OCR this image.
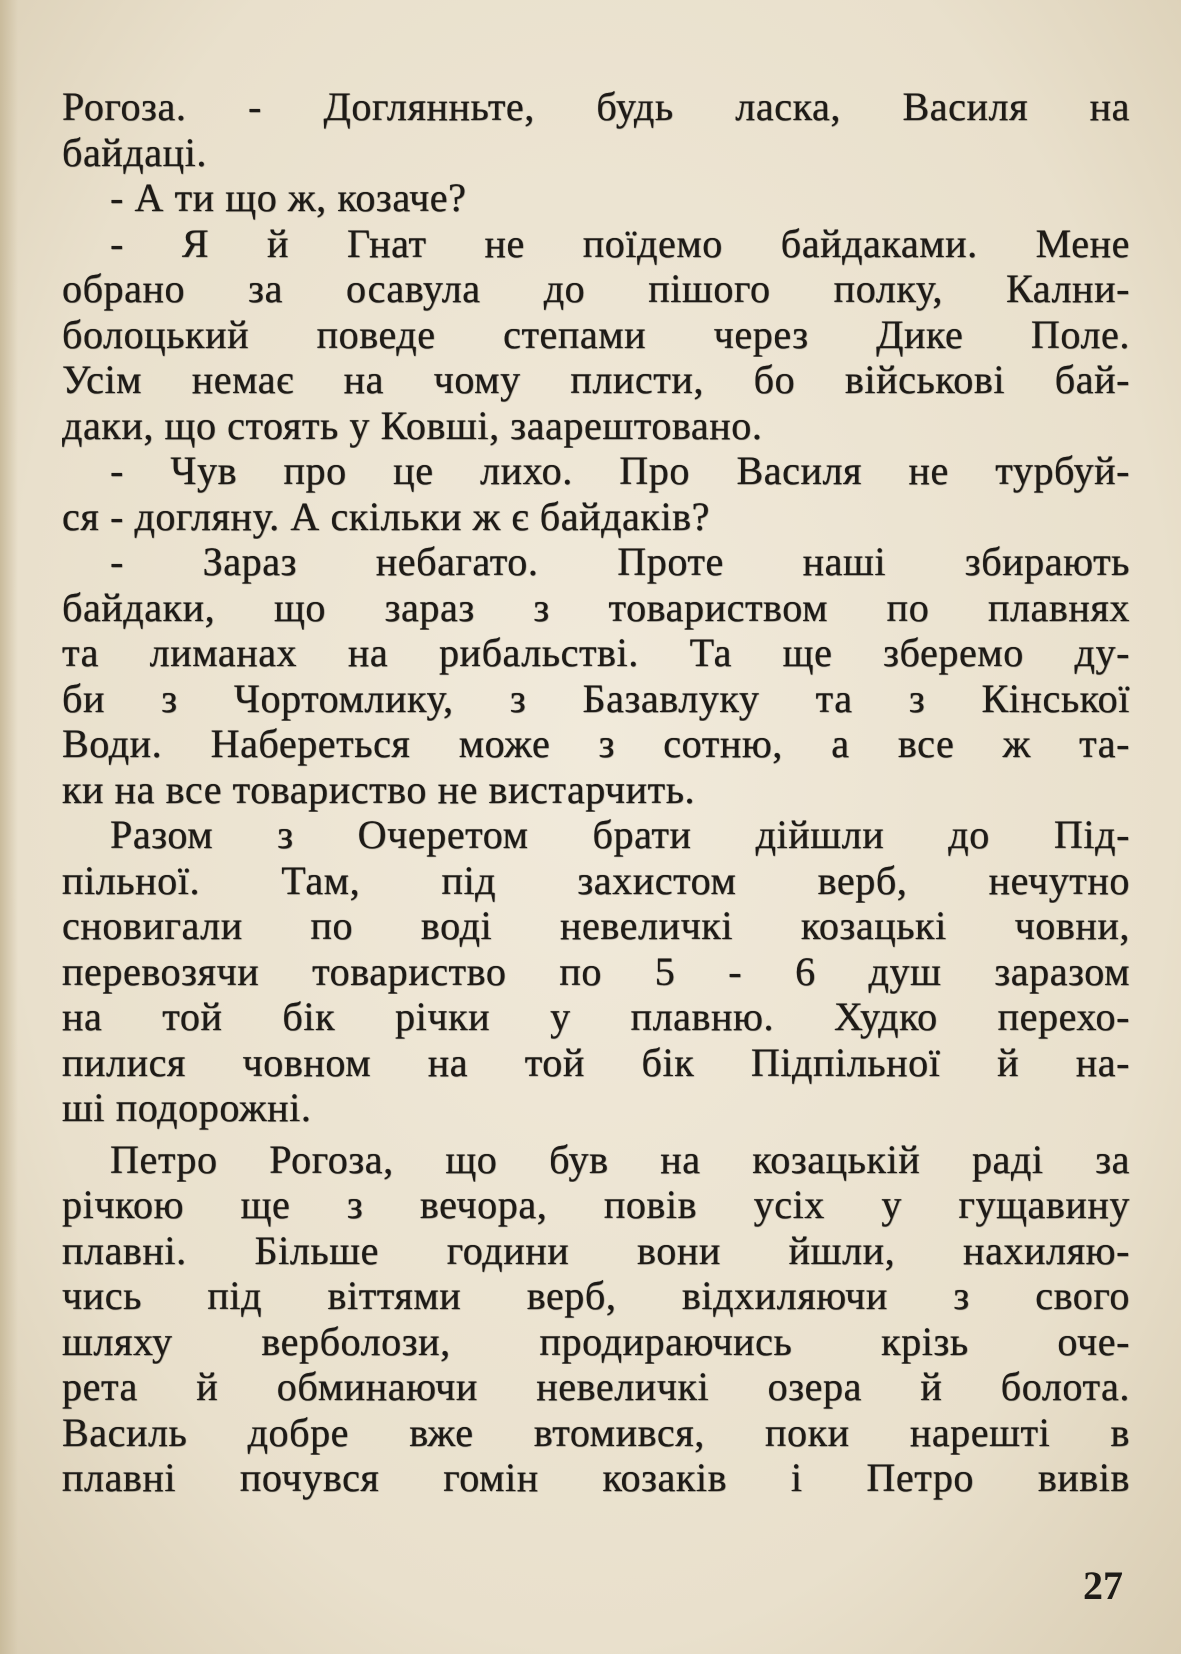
Рогоза. - Доглянньте, будь ласка, Василя на
байдаці.
- А ти що ж, козаче?
- Я й Гнат не поїдемо байдаками. Мене
обрано за осавула до пішого полку, Кални-
болоцький поведе степами через Дике Поле.
Усім немає на чому плисти, бо військові бай-
даки, що стоять у Ковші, заарештовано.
- Чув про це лихо. Про Василя не турбуй-
ся - догляну. А скільки ж є байдаків?
- Зараз небагато. Проте наші збирають
байдаки, що зараз з товариством по плавнях
та лиманах на рибальстві. Та ще зберемо ду-
би з Чортомлику, з Базавлуку та з Кінської
Води. Набереться може з сотню, а все ж та-
ки на все товариство не вистарчить.
Разом з Очеретом брати дійшли до Під-
пільної. Там, під захистом верб, нечутно
сновигали по воді невеличкі козацькі човни,
перевозячи товариство по 5 - 6 душ заразом
на той бік річки у плавню. Худко перехо-
пилися човном на той бік Підпільної й на-
ші подорожні.
Петро Рогоза, що був на козацькій раді за
річкою ще з вечора, повів усіх у гущавину
плавні. Більше години вони йшли, нахиляю-
чись під віттями верб, відхиляючи з свого
шляху верболози, продираючись крізь оче-
рета й обминаючи невеличкі озера й болота.
Василь добре вже втомився, поки нарешті в
плавні почувся гомін козаків і Петро вивів
27
